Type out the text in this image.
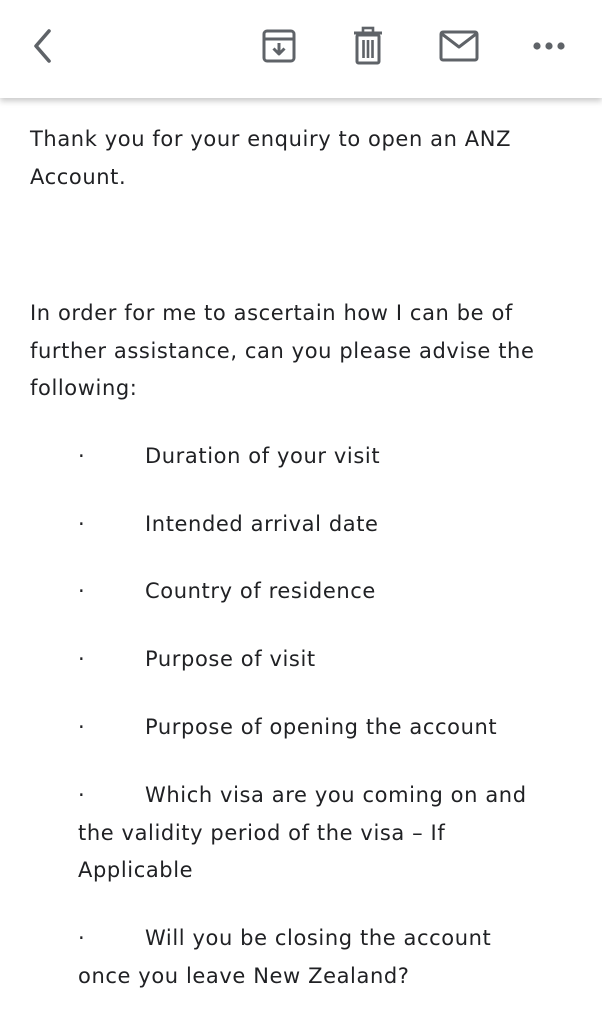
Thank you for your enquiry to open an ANZ Account.

In order for me to ascertain how I can be of further assistance, can you please advise the following:

·	Duration of your visit
·	Intended arrival date
·	Country of residence
·	Purpose of visit
·	Purpose of opening the account
·	Which visa are you coming on and the validity period of the visa – If Applicable
·	Will you be closing the account once you leave New Zealand?
